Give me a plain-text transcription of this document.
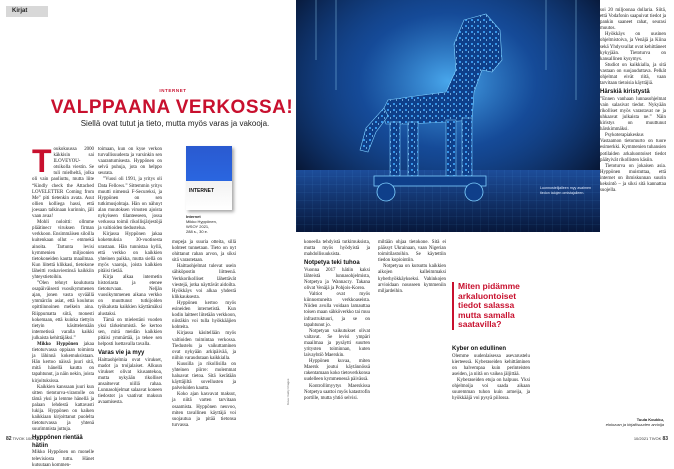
Kirjat
INTERNET
VALPPAANA VERKOSSA!
Siellä ovat tutut ja tieto, mutta myös varas ja vakooja.
Luonnostelijalleen myy avaimen tiedon talojen omistajalleen.
Kuva: Getty Images
INTERNET
Internet
Mikko Hyppönen,
WSOY 2021,
288 s., 30 e.

Toukokuussa 2000 käkkisin sai ILOVEYOU-otsikolla viestin. Se tuli mielheltä, jolka oli vain paoliuttu, mutta liite “Kindly check the Attached LOVELETTER Coming from Me” piti tietenkin avata. Asut ollien kolliega hassi, että joesaan talkinaan kurinnin, jäli vaan avaa!

Mohli noloitti: ollmme pläätinecr viruksen firman verkkoon. Ensimmäisen siloilla kuitenkaan ollut – emmekä ainoita. Tartunta levisi kymmenien miljoonien tietokoneiden kautta maailmaa. Kun liitettä klikkasi, tietokone läheitti roskaviestinsä kaikkiin yhteystietoihin.

”Olen tehnyt koulutusta osapäiväisesti vuosikymmenen ajan, jonen vasta syväällä ymmärrän asiat, että koulutus opittiinnoinen melkein aina. Riippumatta siitä, monesti kokemaan, että kuinka tiettyin tietyin käsittelemään internetissä varalla kaikki julkaista kehittäjäksi.”

Mikko Hyppönen jakaa tietoturvassa oppiaan toiminta ja lähinnä kokemuksistaan. Hän kertoo näissä juuri sitä, mitä hänellä kautta on tapahtunut, ja näin nekin, joista kirjoituksissa.

Kaikkien kanssaan juuri kun sitten tietoturva-virastolle on tämä yksi ja lemme hänellä ja palaan lehdestä kattavasti lukija. Hyppönen on kaiken kaikkiaan kirjoittanut puolelta tietoturvassa ja yhtenä suurimmista juttuja.

Hyppönen rientää hätiin

Mikko Hyppönen on monelle televisiosta tuttu. Hänet kutsutaan kommen-

toimaan, kun on kyse verkon turvallisuudesta ja varsinkin sen vaarantumisesta. Hyppönen on selvä puhuja, jota on helppo seurata.

”Vuosi oli 1991, ja yritys oli Data Fellows.” Sittemmin yritys muutti nimensä F-Secureksi, ja Hyppönen on sen tutkimusjohtaja. Hän on nähnyt alan muutoksen virusten ajoista nykyiseen tilanteeseen, jossa verkossa toimii rikollisjärjestöjä ja valtioiden tiedustelua.

Kirjassa Hyppönen jakaa kokemuksia 30-vuotisesta urastaan. Hän tunnistaa kyllä, että verkko on kaikkien yhteinen paikka, mutta siellä on myös vaaroja, joista kaikkien pitäisi tietää.

Kirja alkaa internetin historiasta ja etenee tietoturvaan. Neljän vuosikymmenen aikana verkko on muuttunut tutkijoiden työkalusta kaikkien käyttämäksi alustaksi.

Tämä on mielestäni vuoden yksi tärkeimmistä. Se kertoo sen, mitä meidän kaikkien pitäisi ymmärtää, ja tekee sen helposti luettavalla tavalla.

Varas vie ja myy

Haittaohjelmia ovat virukset, madot ja troijalaiset. Alkuun virukset olivat kiusantekoa, mutta nykyään rikolliset ansaitsevat niillä rahaa. Lunnasohjelmat salaavat koneen tiedostot ja vaativat maksun avaamisesta.

mopeja ja suuria otteita, sillä kohteet tunnetaan. Tieto on nyt ohittanut rahan arvon, ja siksi sitä varastetaan.

Haittaohjelmat tulevat usein sähköpostin liitteenä. Verkkorikolliset lähettävät viestejä, jotka näyttävät aidoilta. Hyökkäys voi alkaa yhdestä klikkauksesta.

Hyppönen kertoo myös esineiden internetistä. Kun kodin laitteet liitetään verkkoon, niistäkin voi tulla hyökkääjien kohteita.

Kirjassa käsitellään myös valtioiden toimintaa verkossa. Tiedustelu ja vaikuttaminen ovat nykyään arkipäivää, ja niihin varaudutaan kaikkialla.

Kuusilla ja rikollisilla on yhteinen piirre: molemmat haluavat tietoa. Sitä kerätään käyttäjiltä sovellusten ja palveluiden kautta.

Koko ajan kasvavat maksut, ja niitä varten tarvitaan osaamista. Hyppönen neuvoo, miten tavallinen käyttäjä voi suojautua ja pitää tietonsa turvassa.

koneella tehdyistä tutkimuksista, mutta myös hyödyistä ja mahdollisuuksista.

Notpetya teki tuhoa

Vuonna 2017 hätiin kaksi lähteistä lunnasohjelmista, Notpetya ja Wannacry. Takana olivat Venäjä ja Pohjois-Korea.

Valtiot ovat myös kiinnostuneita verkkoaseista. Niiden avulla voidaan lamauttaa toisen maan sähköverkko tai muu infrastruktuuri, ja se on tapahtunut jo.

Notpetyan vaikutukset olivat valtavat. Se levisi ympäri maailmaa ja pysäytti suurten yritysten toiminnan, kuten laivayhtiö Maerskin.

Hyppönen kuvaa, miten Maersk joutui käytännössä rakentamaan koko tietoverkkonsa uudelleen kymmenessä päivässä.

Kontrollimyytys Maerskissa Notpetya saattoi myös katastrofin portille, mutta yhtiö selvisi.

miltään ohjaa tietokone. Sitä ei päässyt Ukrainaan, vaan Nigerian toimitilastoihin. Se käytettiin tiedon kopiointiin.

Notpetyaa on kutsuttu kaikkien aikojen kalleimmaksi kyberhyökkäykseksi. Vahinkojen arvioidaan nousseen kymmeniin miljardeihin.

Miten pidämme arkaluontoiset tiedot salassa mutta samalla saatavilla?
Kyber on edullinen

Olemme uudenlaisessa asevarustelu kierteessä. Kyberaseiden kehittäminen on halvempaa kuin perinteisten aseiden, ja niitä on vaikea jäljittää.

Kyberaseiden etuja on halpuus. Yksi ohjelmoija voi saada aikaan suuremman tuhon kuin armeija, ja hyökkääjä voi pysyä piilossa.

soi 20 miljoonaa dollaria. Siitä, että Vodafonin saapuivat tiedot ja pankin saaneet rahat, seurasi muutos.

Hyökkäys on uusinen ohjelmistoiva, ja Venäjä ja Kiina sekä Yhdysvallat ovat kehittäneet kykyjään. Tietoturva on kansallinen kysymys.

Studiot on kaikkialla, ja sitä vastaan on suojauduttava. Pelkät ohjelmat eivät riitä, vaan tarvitaan tietoisia käyttäjiä.

Härskiä kiristystä

”Ennen vanhaan lunnasohjelmat vain salasivat tiedot. Nykyään rikolliset myös varastavat ne ja uhkaavat julkaista ne.” Näin kiristys on muuttunut härskimmäksi.

Psykoterapiakeskus Vastaamon tietomurto on tuore esimerkki. Kymmenien tuhansien potilaiden arkaluontoiset tiedot päätyivät rikollisten käsiin.

Tietoturva on jokaisen asia. Hyppönen muistuttaa, että internet on ihmiskunnan suurin keksintö – ja siksi sitä kannattaa suojella.

Tuula Koukku,
elokuvan ja kirjallisuuden arvioija
82 TIVOK 10/2021	10/2021 TIVOK 83
